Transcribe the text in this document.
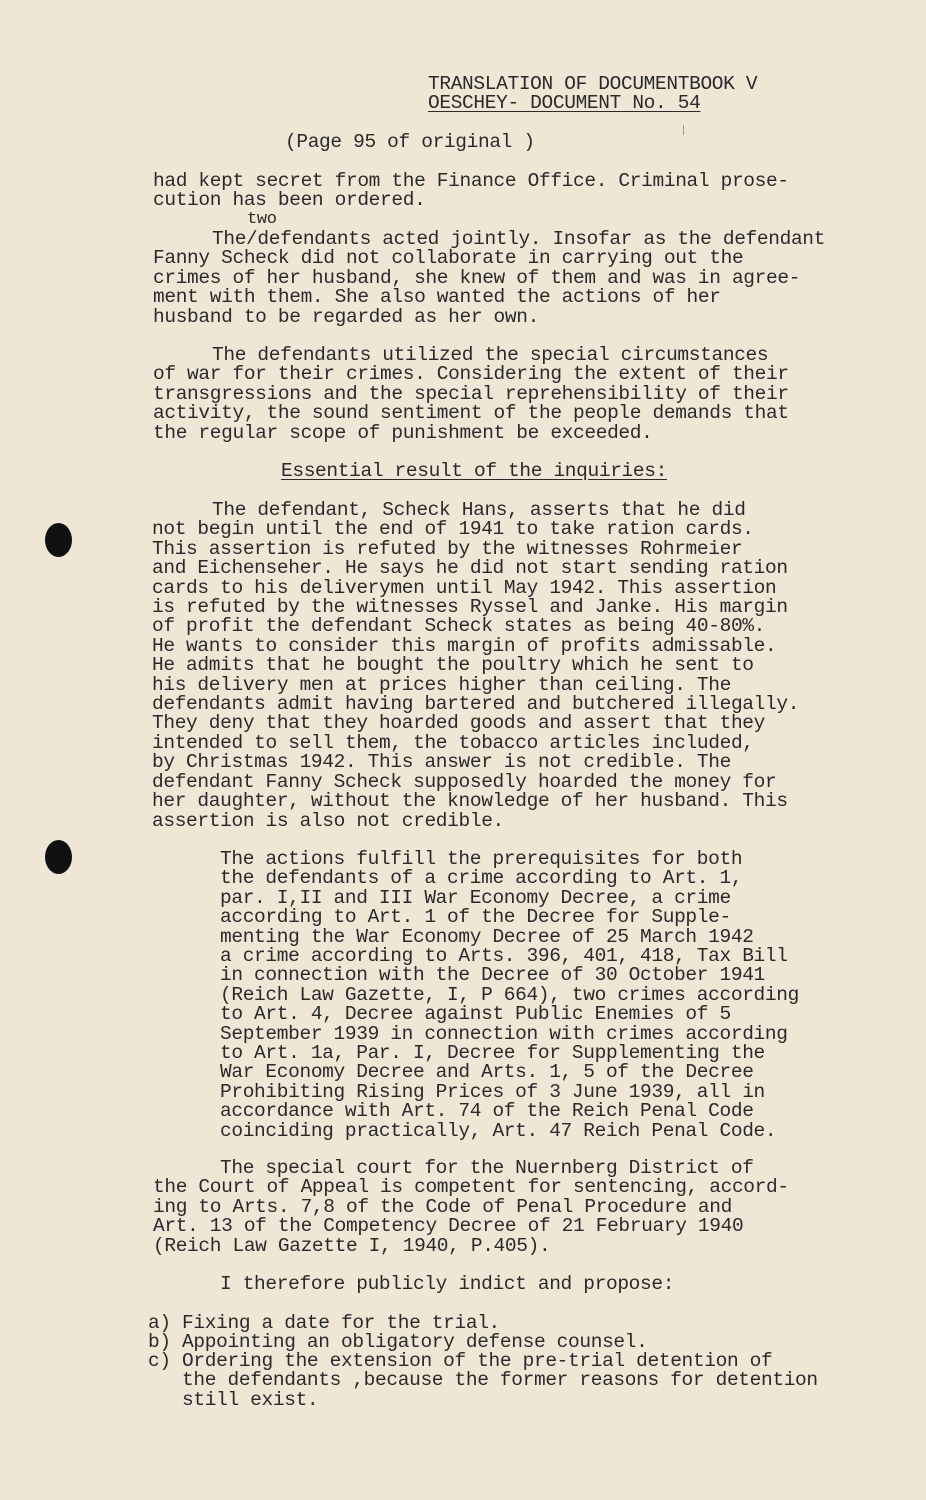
TRANSLATION OF DOCUMENTBOOK V
OESCHEY- DOCUMENT No. 54
(Page 95 of original )
had kept secret from the Finance Office. Criminal prose-
cution has been ordered.
two
The/defendants acted jointly. Insofar as the defendant
Fanny Scheck did not collaborate in carrying out the
crimes of her husband, she knew of them and was in agree-
ment with them. She also wanted the actions of her
husband to be regarded as her own.
The defendants utilized the special circumstances
of war for their crimes. Considering the extent of their
transgressions and the special reprehensibility of their
activity, the sound sentiment of the people demands that
the regular scope of punishment be exceeded.
Essential result of the inquiries:
The defendant, Scheck Hans, asserts that he did
not begin until the end of 1941 to take ration cards.
This assertion is refuted by the witnesses Rohrmeier
and Eichenseher. He says he did not start sending ration
cards to his deliverymen until May 1942. This assertion
is refuted by the witnesses Ryssel and Janke. His margin
of profit the defendant Scheck states as being 40-80%.
He wants to consider this margin of profits admissable.
He admits that he bought the poultry which he sent to
his delivery men at prices higher than ceiling. The
defendants admit having bartered and butchered illegally.
They deny that they hoarded goods and assert that they
intended to sell them, the tobacco articles included,
by Christmas 1942. This answer is not credible. The
defendant Fanny Scheck supposedly hoarded the money for
her daughter, without the knowledge of her husband. This
assertion is also not credible.
The actions fulfill the prerequisites for both
the defendants of a crime according to Art. 1,
par. I,II and III War Economy Decree, a crime
according to Art. 1 of the Decree for Supple-
menting the War Economy Decree of 25 March 1942
a crime according to Arts. 396, 401, 418, Tax Bill
in connection with the Decree of 30 October 1941
(Reich Law Gazette, I, P 664), two crimes according
to Art. 4, Decree against Public Enemies of 5
September 1939 in connection with crimes according
to Art. 1a, Par. I, Decree for Supplementing the
War Economy Decree and Arts. 1, 5 of the Decree
Prohibiting Rising Prices of 3 June 1939, all in
accordance with Art. 74 of the Reich Penal Code
coinciding practically, Art. 47 Reich Penal Code.
The special court for the Nuernberg District of
the Court of Appeal is competent for sentencing, accord-
ing to Arts. 7,8 of the Code of Penal Procedure and
Art. 13 of the Competency Decree of 21 February 1940
(Reich Law Gazette I, 1940, P.405).
I therefore publicly indict and propose:
a) Fixing a date for the trial.
b) Appointing an obligatory defense counsel.
c) Ordering the extension of the pre-trial detention of
the defendants ,because the former reasons for detention
still exist.
